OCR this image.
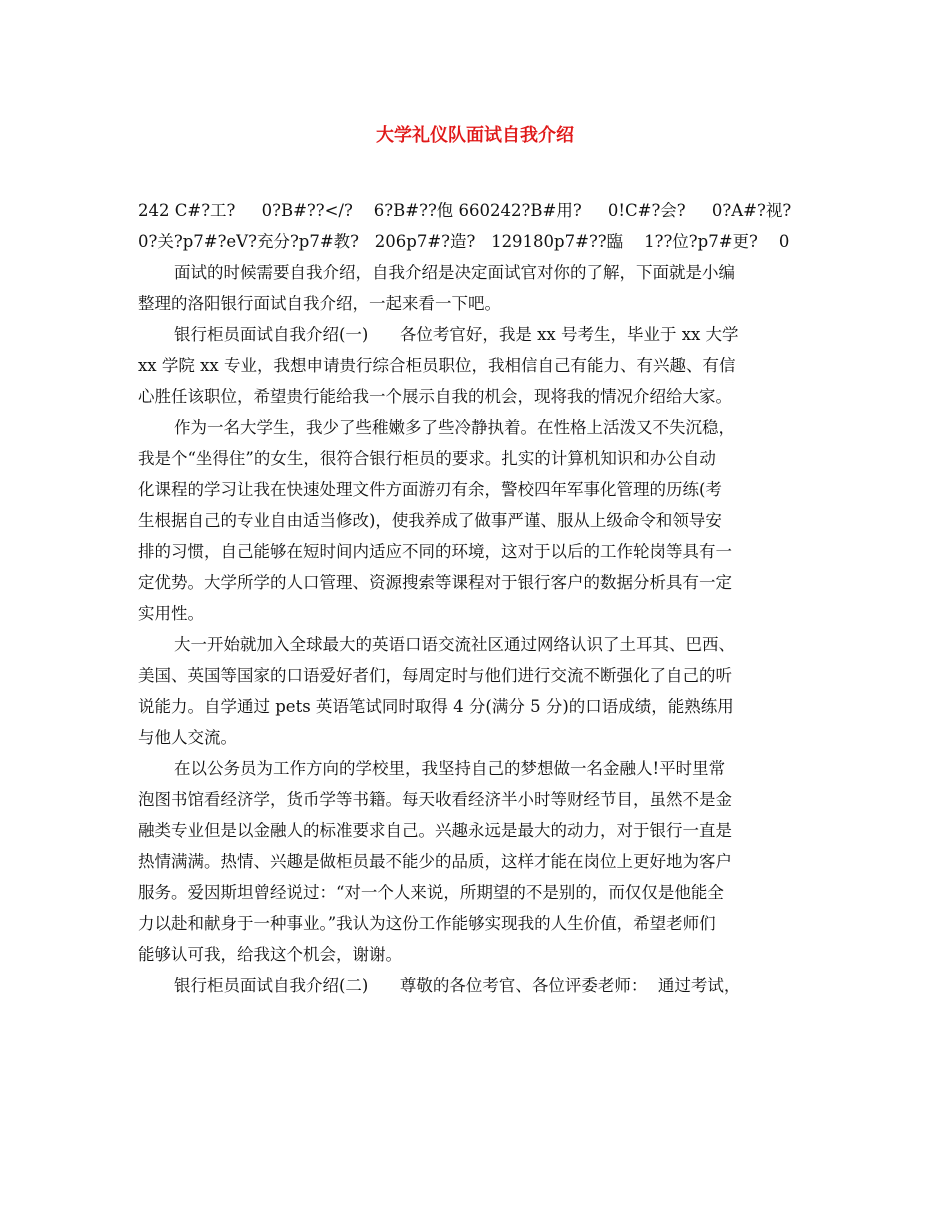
大学礼仪队面试自我介绍
242 C#?工?     0?B#??</?    6?B#??佨 660242?B#用?     0!C#?会?     0?A#?视?
0?关?p7#?eV?充分?p7#教?   206p7#?造?   129180p7#??臨    1??位?p7#更?    0
面试的时候需要自我介绍，自我介绍是决定面试官对你的了解，下面就是小编
整理的洛阳银行面试自我介绍，一起来看一下吧。
银行柜员面试自我介绍(一)      各位考官好，我是 xx 号考生，毕业于 xx 大学
xx 学院 xx 专业，我想申请贵行综合柜员职位，我相信自己有能力、有兴趣、有信
心胜任该职位，希望贵行能给我一个展示自我的机会，现将我的情况介绍给大家。
作为一名大学生，我少了些稚嫩多了些冷静执着。在性格上活泼又不失沉稳，
我是个“坐得住”的女生，很符合银行柜员的要求。扎实的计算机知识和办公自动
化课程的学习让我在快速处理文件方面游刃有余，警校四年军事化管理的历练(考
生根据自己的专业自由适当修改)，使我养成了做事严谨、服从上级命令和领导安
排的习惯，自己能够在短时间内适应不同的环境，这对于以后的工作轮岗等具有一
定优势。大学所学的人口管理、资源搜索等课程对于银行客户的数据分析具有一定
实用性。
大一开始就加入全球最大的英语口语交流社区通过网络认识了土耳其、巴西、
美国、英国等国家的口语爱好者们，每周定时与他们进行交流不断强化了自己的听
说能力。自学通过 pets 英语笔试同时取得 4 分(满分 5 分)的口语成绩，能熟练用
与他人交流。
在以公务员为工作方向的学校里，我坚持自己的梦想做一名金融人!平时里常
泡图书馆看经济学，货币学等书籍。每天收看经济半小时等财经节目，虽然不是金
融类专业但是以金融人的标准要求自己。兴趣永远是最大的动力，对于银行一直是
热情满满。热情、兴趣是做柜员最不能少的品质，这样才能在岗位上更好地为客户
服务。爱因斯坦曾经说过：“对一个人来说，所期望的不是别的，而仅仅是他能全
力以赴和献身于一种事业。”我认为这份工作能够实现我的人生价值，希望老师们
能够认可我，给我这个机会，谢谢。
银行柜员面试自我介绍(二)      尊敬的各位考官、各位评委老师：  通过考试，
